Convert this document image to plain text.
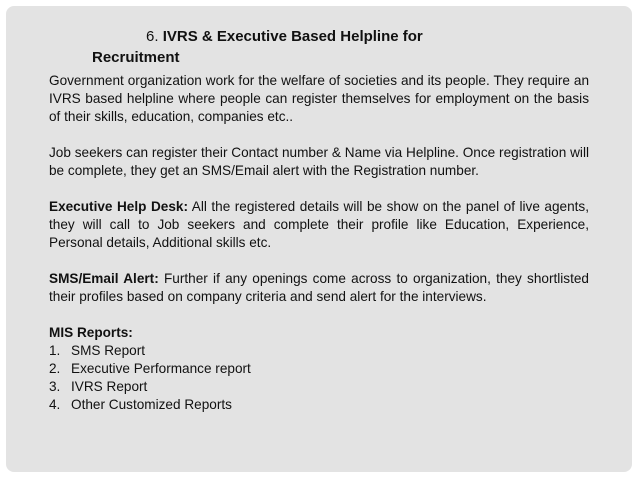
6. IVRS & Executive Based Helpline for
Recruitment

Government organization work for the welfare of societies and its people. They require an IVRS based helpline where people can register themselves for employment on the basis of their skills, education, companies etc..

Job seekers can register their Contact number & Name via Helpline. Once registration will be complete, they get an SMS/Email alert with the Registration number.

Executive Help Desk: All the registered details will be show on the panel of live agents, they will call to Job seekers and complete their profile like Education, Experience, Personal details, Additional skills etc.

SMS/Email Alert: Further if any openings come across to organization, they shortlisted their profiles based on company criteria and send alert for the interviews.

MIS Reports:

1. SMS Report
2. Executive Performance report
3. IVRS Report
4. Other Customized Reports
